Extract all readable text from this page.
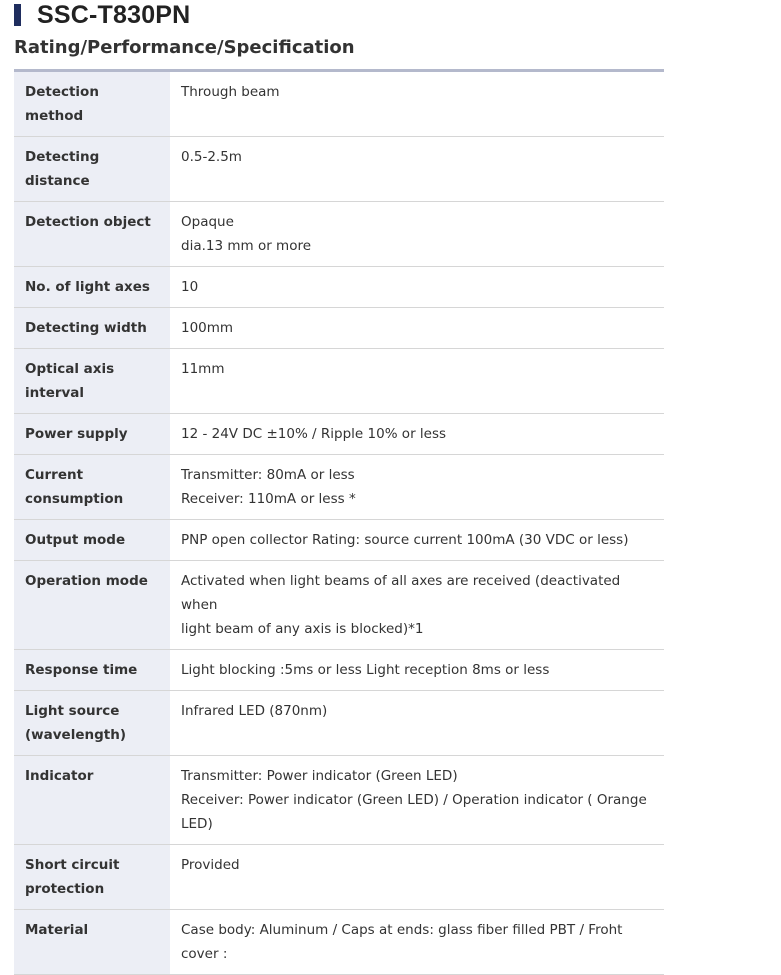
SSC-T830PN
Rating/Performance/Specification
Detection method	Through beam

Detecting distance	0.5-2.5m

Detection object	Opaque
dia.13 mm or more

No. of light axes	10

Detecting width	100mm

Optical axis
interval	11mm

Power supply	12 - 24V DC ±10% / Ripple 10% or less

Current
consumption	Transmitter: 80mA or less
Receiver: 110mA or less *

Output mode	PNP open collector Rating: source current 100mA (30 VDC or less)

Operation mode	Activated when light beams of all axes are received (deactivated when
light beam of any axis is blocked)*1

Response time	Light blocking :5ms or less Light reception 8ms or less

Light source
(wavelength)	Infrared LED (870nm)

Indicator	Transmitter: Power indicator (Green LED)
Receiver: Power indicator (Green LED) / Operation indicator ( Orange
LED)

Short circuit
protection	Provided

Material	Case body: Aluminum / Caps at ends: glass fiber filled PBT / Froht cover :
